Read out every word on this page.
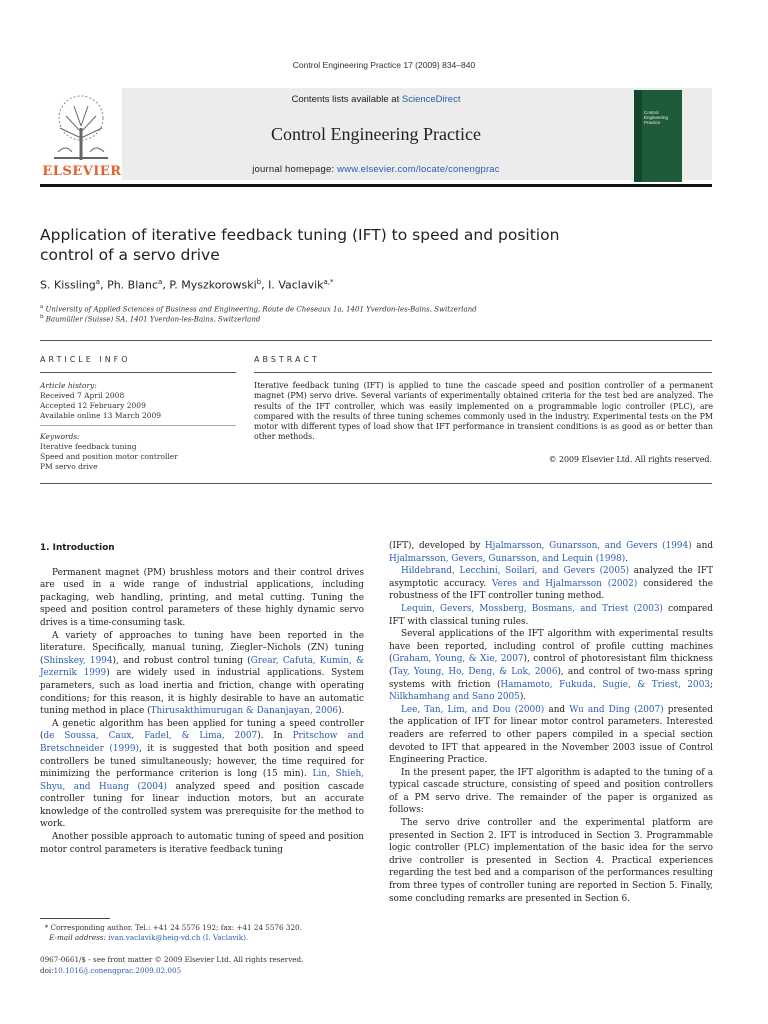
Control Engineering Practice 17 (2009) 834–840
ELSEVIER
Contents lists available at ScienceDirect
Control Engineering Practice
journal homepage: www.elsevier.com/locate/conengprac
Control
Engineering
Practice
Application of iterative feedback tuning (IFT) to speed and position control of a servo drive
S. Kissling$^a$, Ph. Blanc$^a$, P. Myszkorowski$^b$, I. Vaclavik$^{a,*}$
$^a$ University of Applied Sciences of Business and Engineering, Route de Cheseaux 1a, 1401 Yverdon-les-Bains, Switzerland
$^b$ Baumüller (Suisse) SA, 1401 Yverdon-les-Bains, Switzerland
ARTICLE INFO	ABSTRACT
Article history:
Received 7 April 2008
Accepted 12 February 2009
Available online 13 March 2009
Keywords:
Iterative feedback tuning
Speed and position motor controller
PM servo drive
Iterative feedback tuning (IFT) is applied to tune the cascade speed and position controller of a permanent magnet (PM) servo drive. Several variants of experimentally obtained criteria for the test bed are analyzed. The results of the IFT controller, which was easily implemented on a programmable logic controller (PLC), are compared with the results of three tuning schemes commonly used in the industry. Experimental tests on the PM motor with different types of load show that IFT performance in transient conditions is as good as or better than other methods.
© 2009 Elsevier Ltd. All rights reserved.
1. Introduction

Permanent magnet (PM) brushless motors and their control drives are used in a wide range of industrial applications, including packaging, web handling, printing, and metal cutting. Tuning the speed and position control parameters of these highly dynamic servo drives is a time-consuming task.

A variety of approaches to tuning have been reported in the literature. Specifically, manual tuning, Ziegler–Nichols (ZN) tuning (Shinskey, 1994), and robust control tuning (Grear, Cafuta, Kumin, & Jezernik 1999) are widely used in industrial applications. System parameters, such as load inertia and friction, change with operating conditions; for this reason, it is highly desirable to have an automatic tuning method in place (Thirusakthimurugan & Dananjayan, 2006).

A genetic algorithm has been applied for tuning a speed controller (de Soussa, Caux, Fadel, & Lima, 2007). In Pritschow and Bretschneider (1999), it is suggested that both position and speed controllers be tuned simultaneously; however, the time required for minimizing the performance criterion is long (15 min). Lin, Shieh, Shyu, and Huang (2004) analyzed speed and position cascade controller tuning for linear induction motors, but an accurate knowledge of the controlled system was prerequisite for the method to work.

Another possible approach to automatic tuning of speed and position motor control parameters is iterative feedback tuning

(IFT), developed by Hjalmarsson, Gunarsson, and Gevers (1994) and Hjalmarsson, Gevers, Gunarsson, and Lequin (1998).

Hildebrand, Lecchini, Soilari, and Gevers (2005) analyzed the IFT asymptotic accuracy. Veres and Hjalmarsson (2002) considered the robustness of the IFT controller tuning method.

Lequin, Gevers, Mossberg, Bosmans, and Triest (2003) compared IFT with classical tuning rules.

Several applications of the IFT algorithm with experimental results have been reported, including control of profile cutting machines (Graham, Young, & Xie, 2007), control of photoresistant film thickness (Tay, Young, Ho, Deng, & Lok, 2006), and control of two-mass spring systems with friction (Hamamoto, Fukuda, Sugie, & Triest, 2003; Nilkhamhang and Sano 2005).

Lee, Tan, Lim, and Dou (2000) and Wu and Ding (2007) presented the application of IFT for linear motor control parameters. Interested readers are referred to other papers compiled in a special section devoted to IFT that appeared in the November 2003 issue of Control Engineering Practice.

In the present paper, the IFT algorithm is adapted to the tuning of a typical cascade structure, consisting of speed and position controllers of a PM servo drive. The remainder of the paper is organized as follows:

The servo drive controller and the experimental platform are presented in Section 2. IFT is introduced in Section 3. Programmable logic controller (PLC) implementation of the basic idea for the servo drive controller is presented in Section 4. Practical experiences regarding the test bed and a comparison of the performances resulting from three types of controller tuning are reported in Section 5. Finally, some concluding remarks are presented in Section 6.

* Corresponding author. Tel.: +41 24 5576 192; fax: +41 24 5576 320.
E-mail address: ivan.vaclavik@heig-vd.ch (I. Vaclavik).
0967-0661/$ - see front matter © 2009 Elsevier Ltd. All rights reserved.
doi:10.1016/j.conengprac.2009.02.005
